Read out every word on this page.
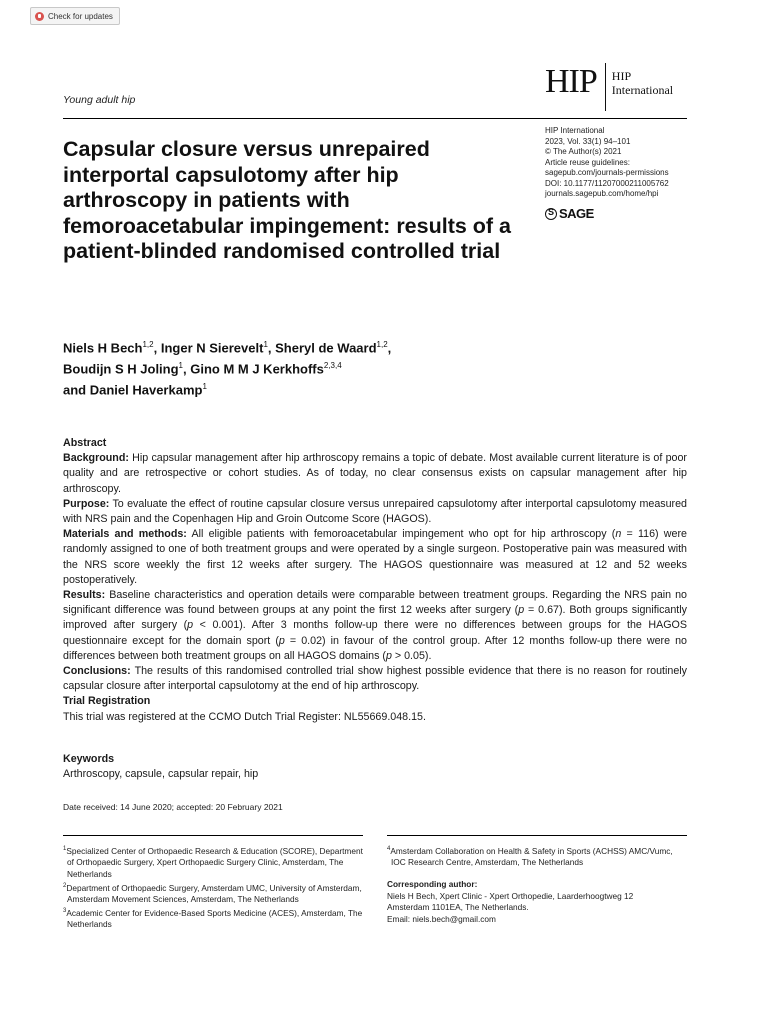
Check for updates
Young adult hip	HIP HIP
International
HIP International
2023, Vol. 33(1) 94–101
© The Author(s) 2021
Article reuse guidelines:
sagepub.com/journals-permissions
DOI: 10.1177/11207000211005762
journals.sagepub.com/home/hpi
S
SAGE
Capsular closure versus unrepaired interportal capsulotomy after hip arthroscopy in patients with femoroacetabular impingement: results of a patient-blinded randomised controlled trial
Niels H Bech$^{1,2}$, Inger N Sierevelt$^1$, Sheryl de Waard$^{1,2}$,
Boudijn S H Joling$^1$, Gino M M J Kerkhoffs$^{2,3,4}$
and Daniel Haverkamp$^1$

Abstract

Background: Hip capsular management after hip arthroscopy remains a topic of debate. Most available current literature is of poor quality and are retrospective or cohort studies. As of today, no clear consensus exists on capsular management after hip arthroscopy.

Purpose: To evaluate the effect of routine capsular closure versus unrepaired capsulotomy after interportal capsulotomy measured with NRS pain and the Copenhagen Hip and Groin Outcome Score (HAGOS).

Materials and methods: All eligible patients with femoroacetabular impingement who opt for hip arthroscopy (n = 116) were randomly assigned to one of both treatment groups and were operated by a single surgeon. Postoperative pain was measured with the NRS score weekly the first 12 weeks after surgery. The HAGOS questionnaire was measured at 12 and 52 weeks postoperatively.

Results: Baseline characteristics and operation details were comparable between treatment groups. Regarding the NRS pain no significant difference was found between groups at any point the first 12 weeks after surgery (p = 0.67). Both groups significantly improved after surgery (p < 0.001). After 3 months follow-up there were no differences between groups for the HAGOS questionnaire except for the domain sport (p = 0.02) in favour of the control group. After 12 months follow-up there were no differences between both treatment groups on all HAGOS domains (p > 0.05).

Conclusions: The results of this randomised controlled trial show highest possible evidence that there is no reason for routinely capsular closure after interportal capsulotomy at the end of hip arthroscopy.

Trial Registration

This trial was registered at the CCMO Dutch Trial Register: NL55669.048.15.

Keywords
Arthroscopy, capsule, capsular repair, hip
Date received: 14 June 2020; accepted: 20 February 2021

$^1$Specialized Center of Orthopaedic Research & Education (SCORE), Department of Orthopaedic Surgery, Xpert Orthopaedic Surgery Clinic, Amsterdam, The Netherlands

$^2$Department of Orthopaedic Surgery, Amsterdam UMC, University of Amsterdam, Amsterdam Movement Sciences, Amsterdam, The Netherlands

$^3$Academic Center for Evidence-Based Sports Medicine (ACES), Amsterdam, The Netherlands

$^4$Amsterdam Collaboration on Health & Safety in Sports (ACHSS) AMC/Vumc, IOC Research Centre, Amsterdam, The Netherlands

Corresponding author:
Niels H Bech, Xpert Clinic - Xpert Orthopedie, Laarderhoogtweg 12
Amsterdam 1101EA, The Netherlands.
Email: niels.bech@gmail.com
